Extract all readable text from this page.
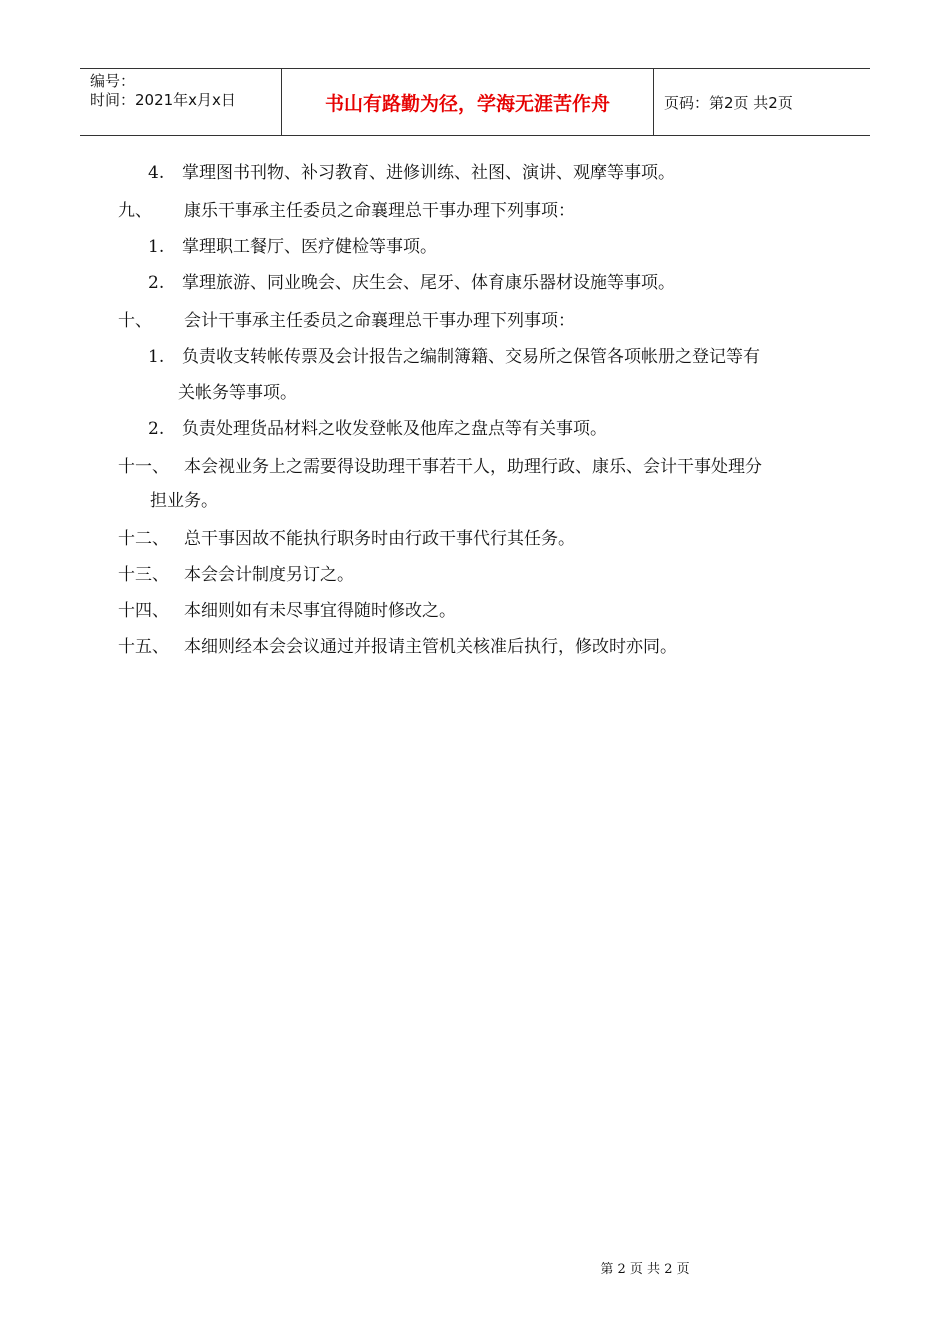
编号：
时间：2021年x月x日	书山有路勤为径，学海无涯苦作舟	页码：第2页 共2页
4. 掌理图书刊物、补习教育、进修训练、社图、演讲、观摩等事项。
九、 康乐干事承主任委员之命襄理总干事办理下列事项：
1. 掌理职工餐厅、医疗健检等事项。
2. 掌理旅游、同业晚会、庆生会、尾牙、体育康乐器材设施等事项。
十、 会计干事承主任委员之命襄理总干事办理下列事项：
1. 负责收支转帐传票及会计报告之编制簿籍、交易所之保管各项帐册之登记等有
关帐务等事项。
2. 负责处理货品材料之收发登帐及他库之盘点等有关事项。
十一、 本会视业务上之需要得设助理干事若干人，助理行政、康乐、会计干事处理分
担业务。
十二、 总干事因故不能执行职务时由行政干事代行其任务。
十三、 本会会计制度另订之。
十四、 本细则如有未尽事宜得随时修改之。
十五、 本细则经本会会议通过并报请主管机关核准后执行，修改时亦同。
第 2 页 共 2 页
